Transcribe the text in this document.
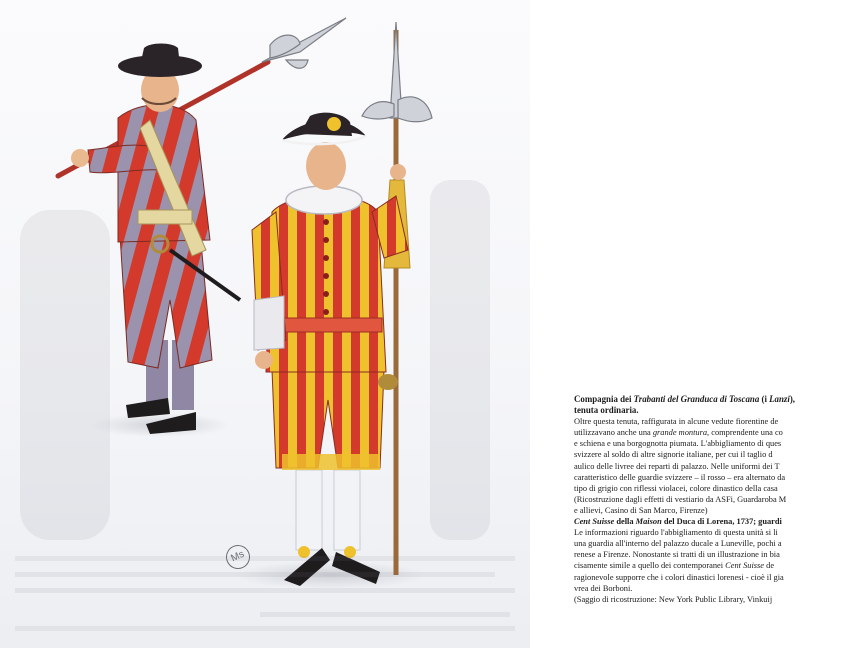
Ms

Compagnia dei Trabanti del Granduca di Toscana (i Lanzi),

tenuta ordinaria.

Oltre questa tenuta, raffigurata in alcune vedute fiorentine de

utilizzavano anche una grande montura, comprendente una co

e schiena e una borgognotta piumata. L'abbigliamento di ques

svizzere al soldo di altre signorie italiane, per cui il taglio d

aulico delle livree dei reparti di palazzo. Nelle uniformi dei T

caratteristico delle guardie svizzere – il rosso – era alternato da

tipo di grigio con riflessi violacei, colore dinastico della casa

(Ricostruzione dagli effetti di vestiario da ASFi, Guardaroba M

e allievi, Casino di San Marco, Firenze)

Cent Suisse della Maison del Duca di Lorena, 1737; guardi

Le informazioni riguardo l'abbigliamento di questa unità si li

una guardia all'interno del palazzo ducale a Luneville, pochi a

renese a Firenze. Nonostante si tratti di un illustrazione in bia

cisamente simile a quello dei contemporanei Cent Suisse de

ragionevole supporre che i colori dinastici lorenesi - cioè il gia

vrea dei Borboni.

(Saggio di ricostruzione: New York Public Library, Vinkuij
